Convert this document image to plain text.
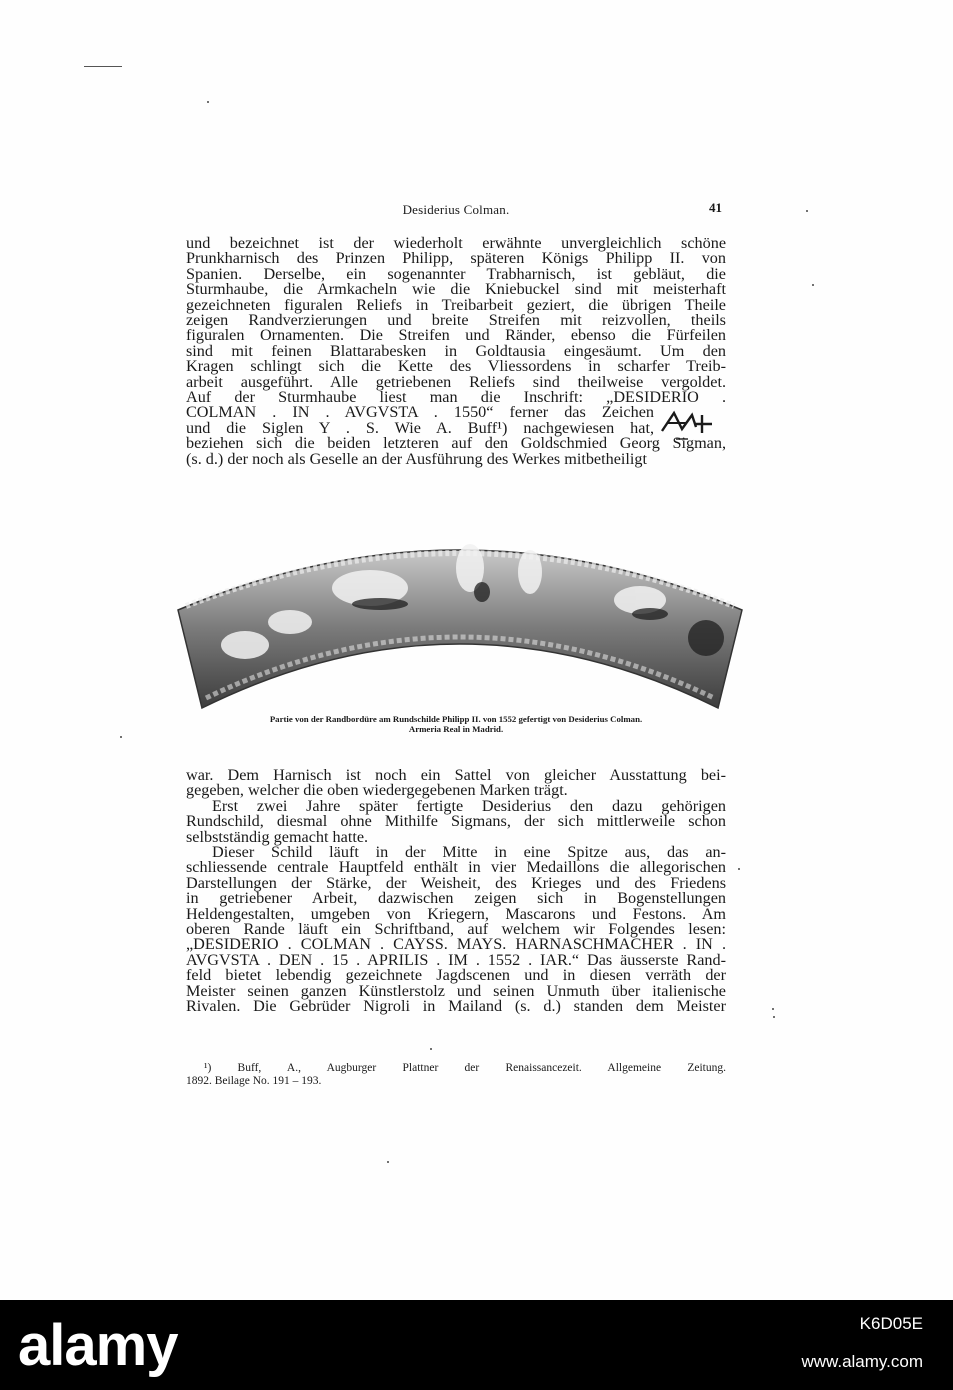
Desiderius Colman.	41

und bezeichnet ist der wiederholt erwähnte unvergleichlich schöne

Prunkharnisch des Prinzen Philipp, späteren Königs Philipp II. von

Spanien. Derselbe, ein sogenannter Trabharnisch, ist gebläut, die

Sturmhaube, die Armkacheln wie die Kniebuckel sind mit meisterhaft

gezeichneten figuralen Reliefs in Treibarbeit geziert, die übrigen Theile

zeigen Randverzierungen und breite Streifen mit reizvollen, theils

figuralen Ornamenten. Die Streifen und Ränder, ebenso die Fürfeilen

sind mit feinen Blattarabesken in Goldtausia eingesäumt. Um den

Kragen schlingt sich die Kette des Vliessordens in scharfer Treib-

arbeit ausgeführt. Alle getriebenen Reliefs sind theilweise vergoldet.

Auf der Sturmhaube liest man die Inschrift: „DESIDERIO .

COLMAN . IN . AVGVSTA . 1550“ ferner das Zeichen

und die Siglen Y . S. Wie A. Buff¹) nachgewiesen hat,

beziehen sich die beiden letzteren auf den Goldschmied Georg Sigman,

(s. d.) der noch als Geselle an der Ausführung des Werkes mitbetheiligt

Partie von der Randbordüre am Rundschilde Philipp II. von 1552 gefertigt von Desiderius Colman.
Armeria Real in Madrid.

war. Dem Harnisch ist noch ein Sattel von gleicher Ausstattung bei-

gegeben, welcher die oben wiedergegebenen Marken trägt.

Erst zwei Jahre später fertigte Desiderius den dazu gehörigen

Rundschild, diesmal ohne Mithilfe Sigmans, der sich mittlerweile schon

selbstständig gemacht hatte.

Dieser Schild läuft in der Mitte in eine Spitze aus, das an-

schliessende centrale Hauptfeld enthält in vier Medaillons die allegorischen

Darstellungen der Stärke, der Weisheit, des Krieges und des Friedens

in getriebener Arbeit, dazwischen zeigen sich in Bogenstellungen

Heldengestalten, umgeben von Kriegern, Mascarons und Festons. Am

oberen Rande läuft ein Schriftband, auf welchem wir Folgendes lesen:

„DESIDERIO . COLMAN . CAYSS. MAYS. HARNASCHMACHER . IN .

AVGVSTA . DEN . 15 . APRILIS . IM . 1552 . IAR.“ Das äusserste Rand-

feld bietet lebendig gezeichnete Jagdscenen und in diesen verräth der

Meister seinen ganzen Künstlerstolz und seinen Unmuth über italienische

Rivalen. Die Gebrüder Nigroli in Mailand (s. d.) standen dem Meister

¹) Buff, A., Augburger Plattner der Renaissancezeit. Allgemeine Zeitung.

1892. Beilage No. 191 – 193.

alamy	K6D05E
www.alamy.com
